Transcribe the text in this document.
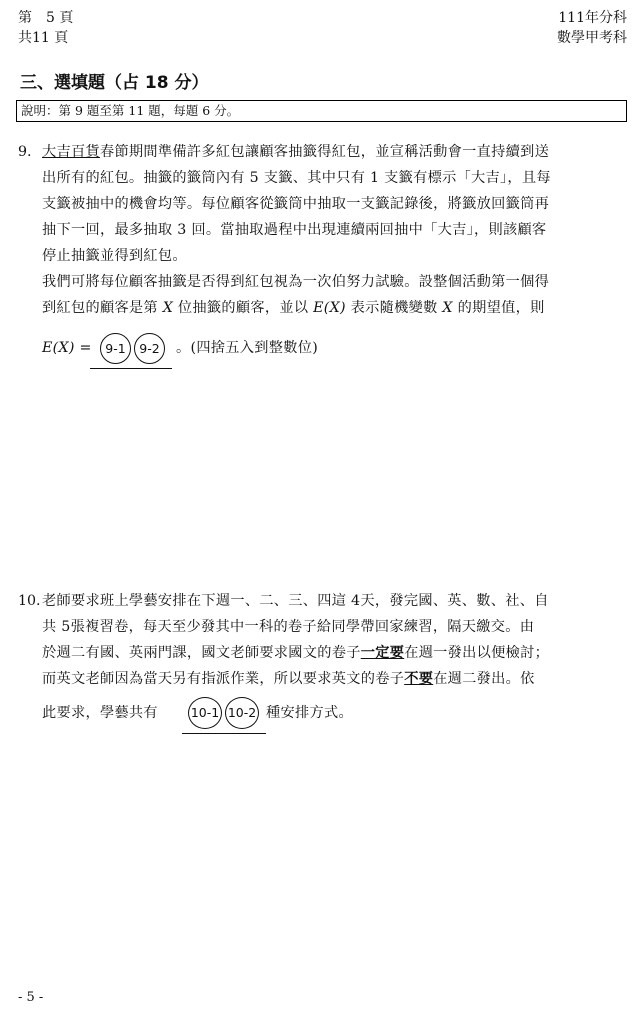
第　5 頁
共11 頁
111年分科
數學甲考科
三、選填題（占 18 分）
說明：第 9 題至第 11 題，每題 6 分。
9. 大吉百貨春節期間準備許多紅包讓顧客抽籤得紅包，並宣稱活動會一直持續到送
出所有的紅包。抽籤的籤筒內有 5 支籤、其中只有 1 支籤有標示「大吉」，且每
支籤被抽中的機會均等。每位顧客從籤筒中抽取一支籤記錄後，將籤放回籤筒再
抽下一回，最多抽取 3 回。當抽取過程中出現連續兩回抽中「大吉」，則該顧客
停止抽籤並得到紅包。
我們可將每位顧客抽籤是否得到紅包視為一次伯努力試驗。設整個活動第一個得
到紅包的顧客是第 X 位抽籤的顧客，並以 E(X) 表示隨機變數 X 的期望值，則
E(X) =	9-1	9-2	。(四捨五入到整數位)
10. 老師要求班上學藝安排在下週一、二、三、四這 4天，發完國、英、數、社、自
共 5張複習卷，每天至少發其中一科的卷子給同學帶回家練習，隔天繳交。由
於週二有國、英兩門課，國文老師要求國文的卷子一定要在週一發出以便檢討；
而英文老師因為當天另有指派作業，所以要求英文的卷子不要在週二發出。依
此要求，學藝共有	10-1 10-2 種安排方式。
- 5 -
